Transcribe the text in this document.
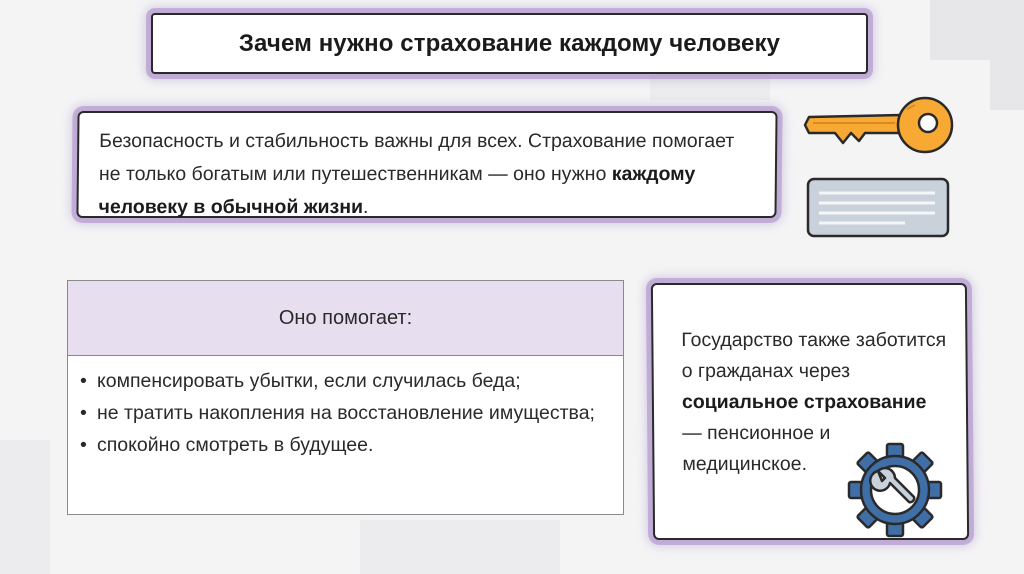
Зачем нужно страхование каждому человеку

Безопасность и стабильность важны для всех. Страхование помогает не только богатым или путешественникам — оно нужно каждому человеку в обычной жизни.

Оно помогает:
• компенсировать убытки, если случилась беда;
• не тратить накопления на восстановление имущества;
• спокойно смотреть в будущее.

Государство также заботится о гражданах через социальное страхование — пенсионное и медицинское.
